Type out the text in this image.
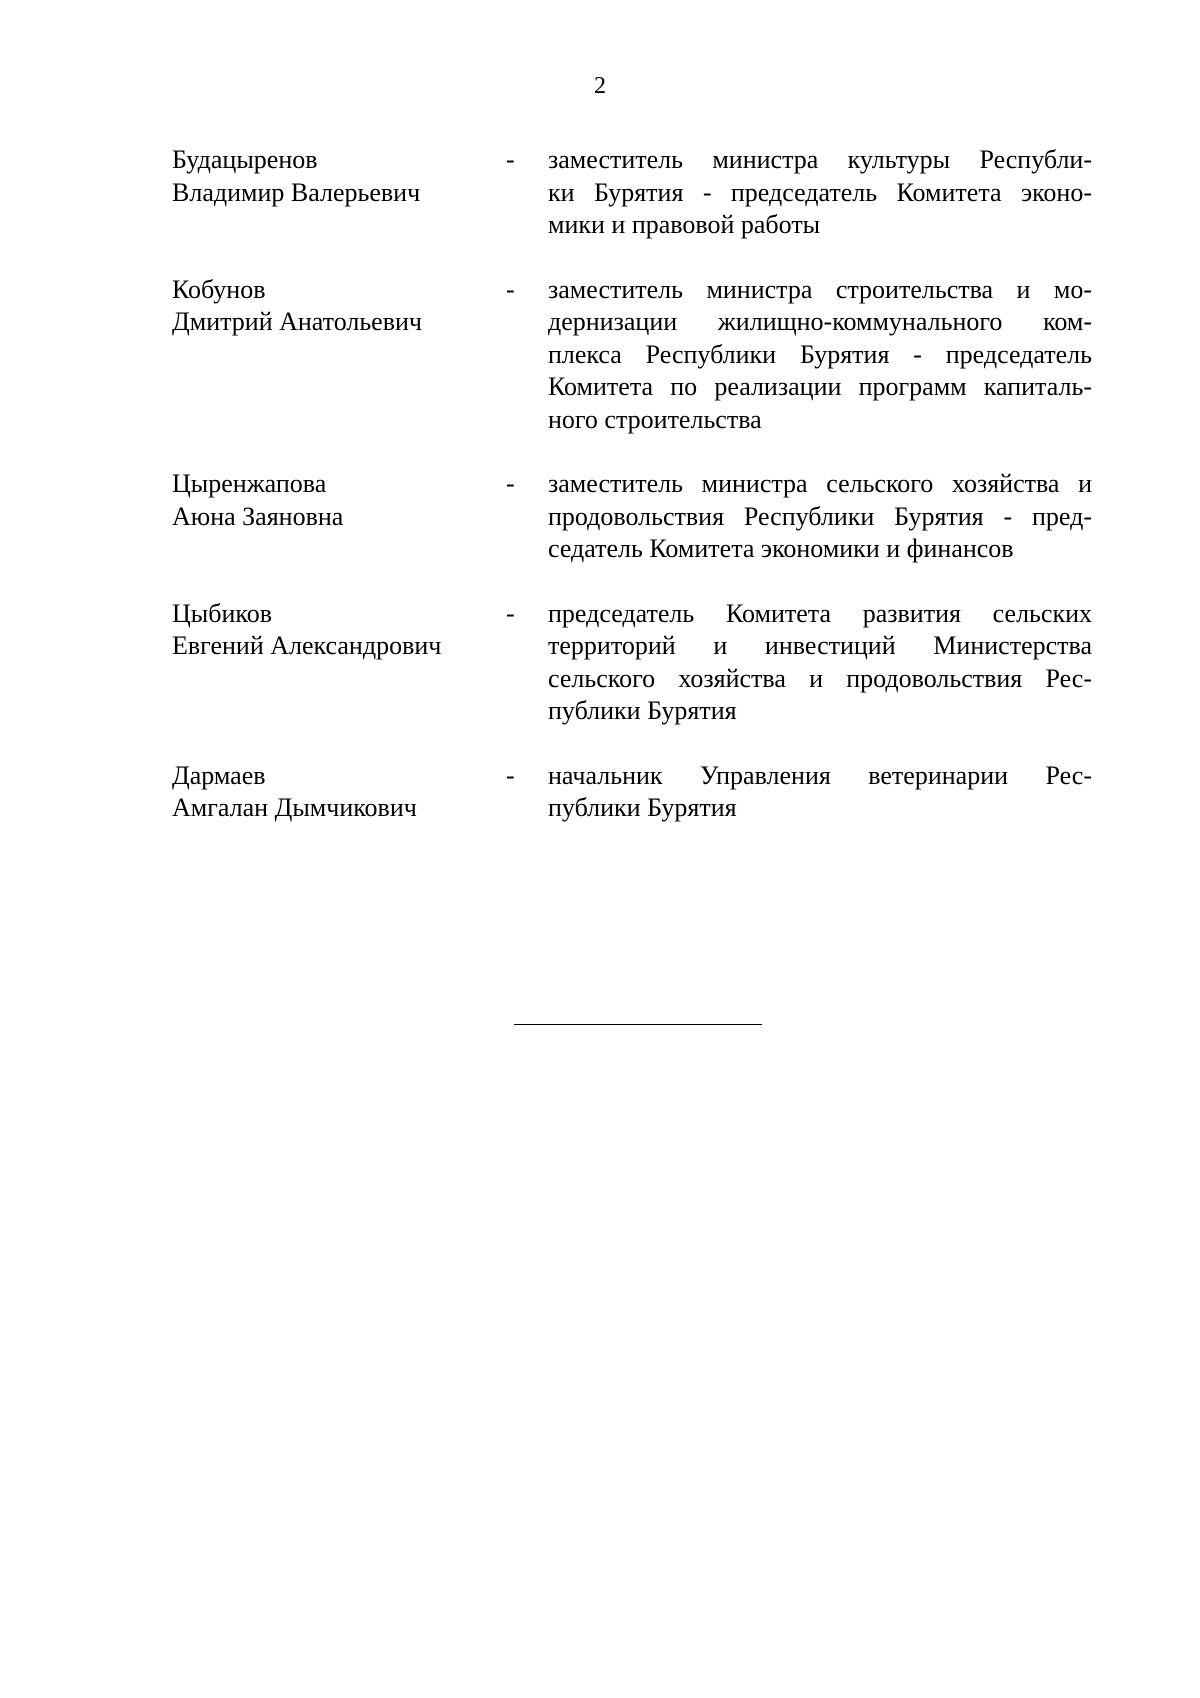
2
Будацыренов
Владимир Валерьевич
-	заместитель министра культуры Республи-
ки Бурятия - председатель Комитета эконо-
мики и правовой работы
Кобунов
Дмитрий Анатольевич
-	заместитель министра строительства и мо-
дернизации жилищно-коммунального ком-
плекса Республики Бурятия - председатель
Комитета по реализации программ капиталь-
ного строительства
Цыренжапова
Аюна Заяновна
-	заместитель министра сельского хозяйства и
продовольствия Республики Бурятия - пред-
седатель Комитета экономики и финансов
Цыбиков
Евгений Александрович
-	председатель Комитета развития сельских
территорий и инвестиций Министерства
сельского хозяйства и продовольствия Рес-
публики Бурятия
Дармаев
Амгалан Дымчикович
-	начальник Управления ветеринарии Рес-
публики Бурятия
